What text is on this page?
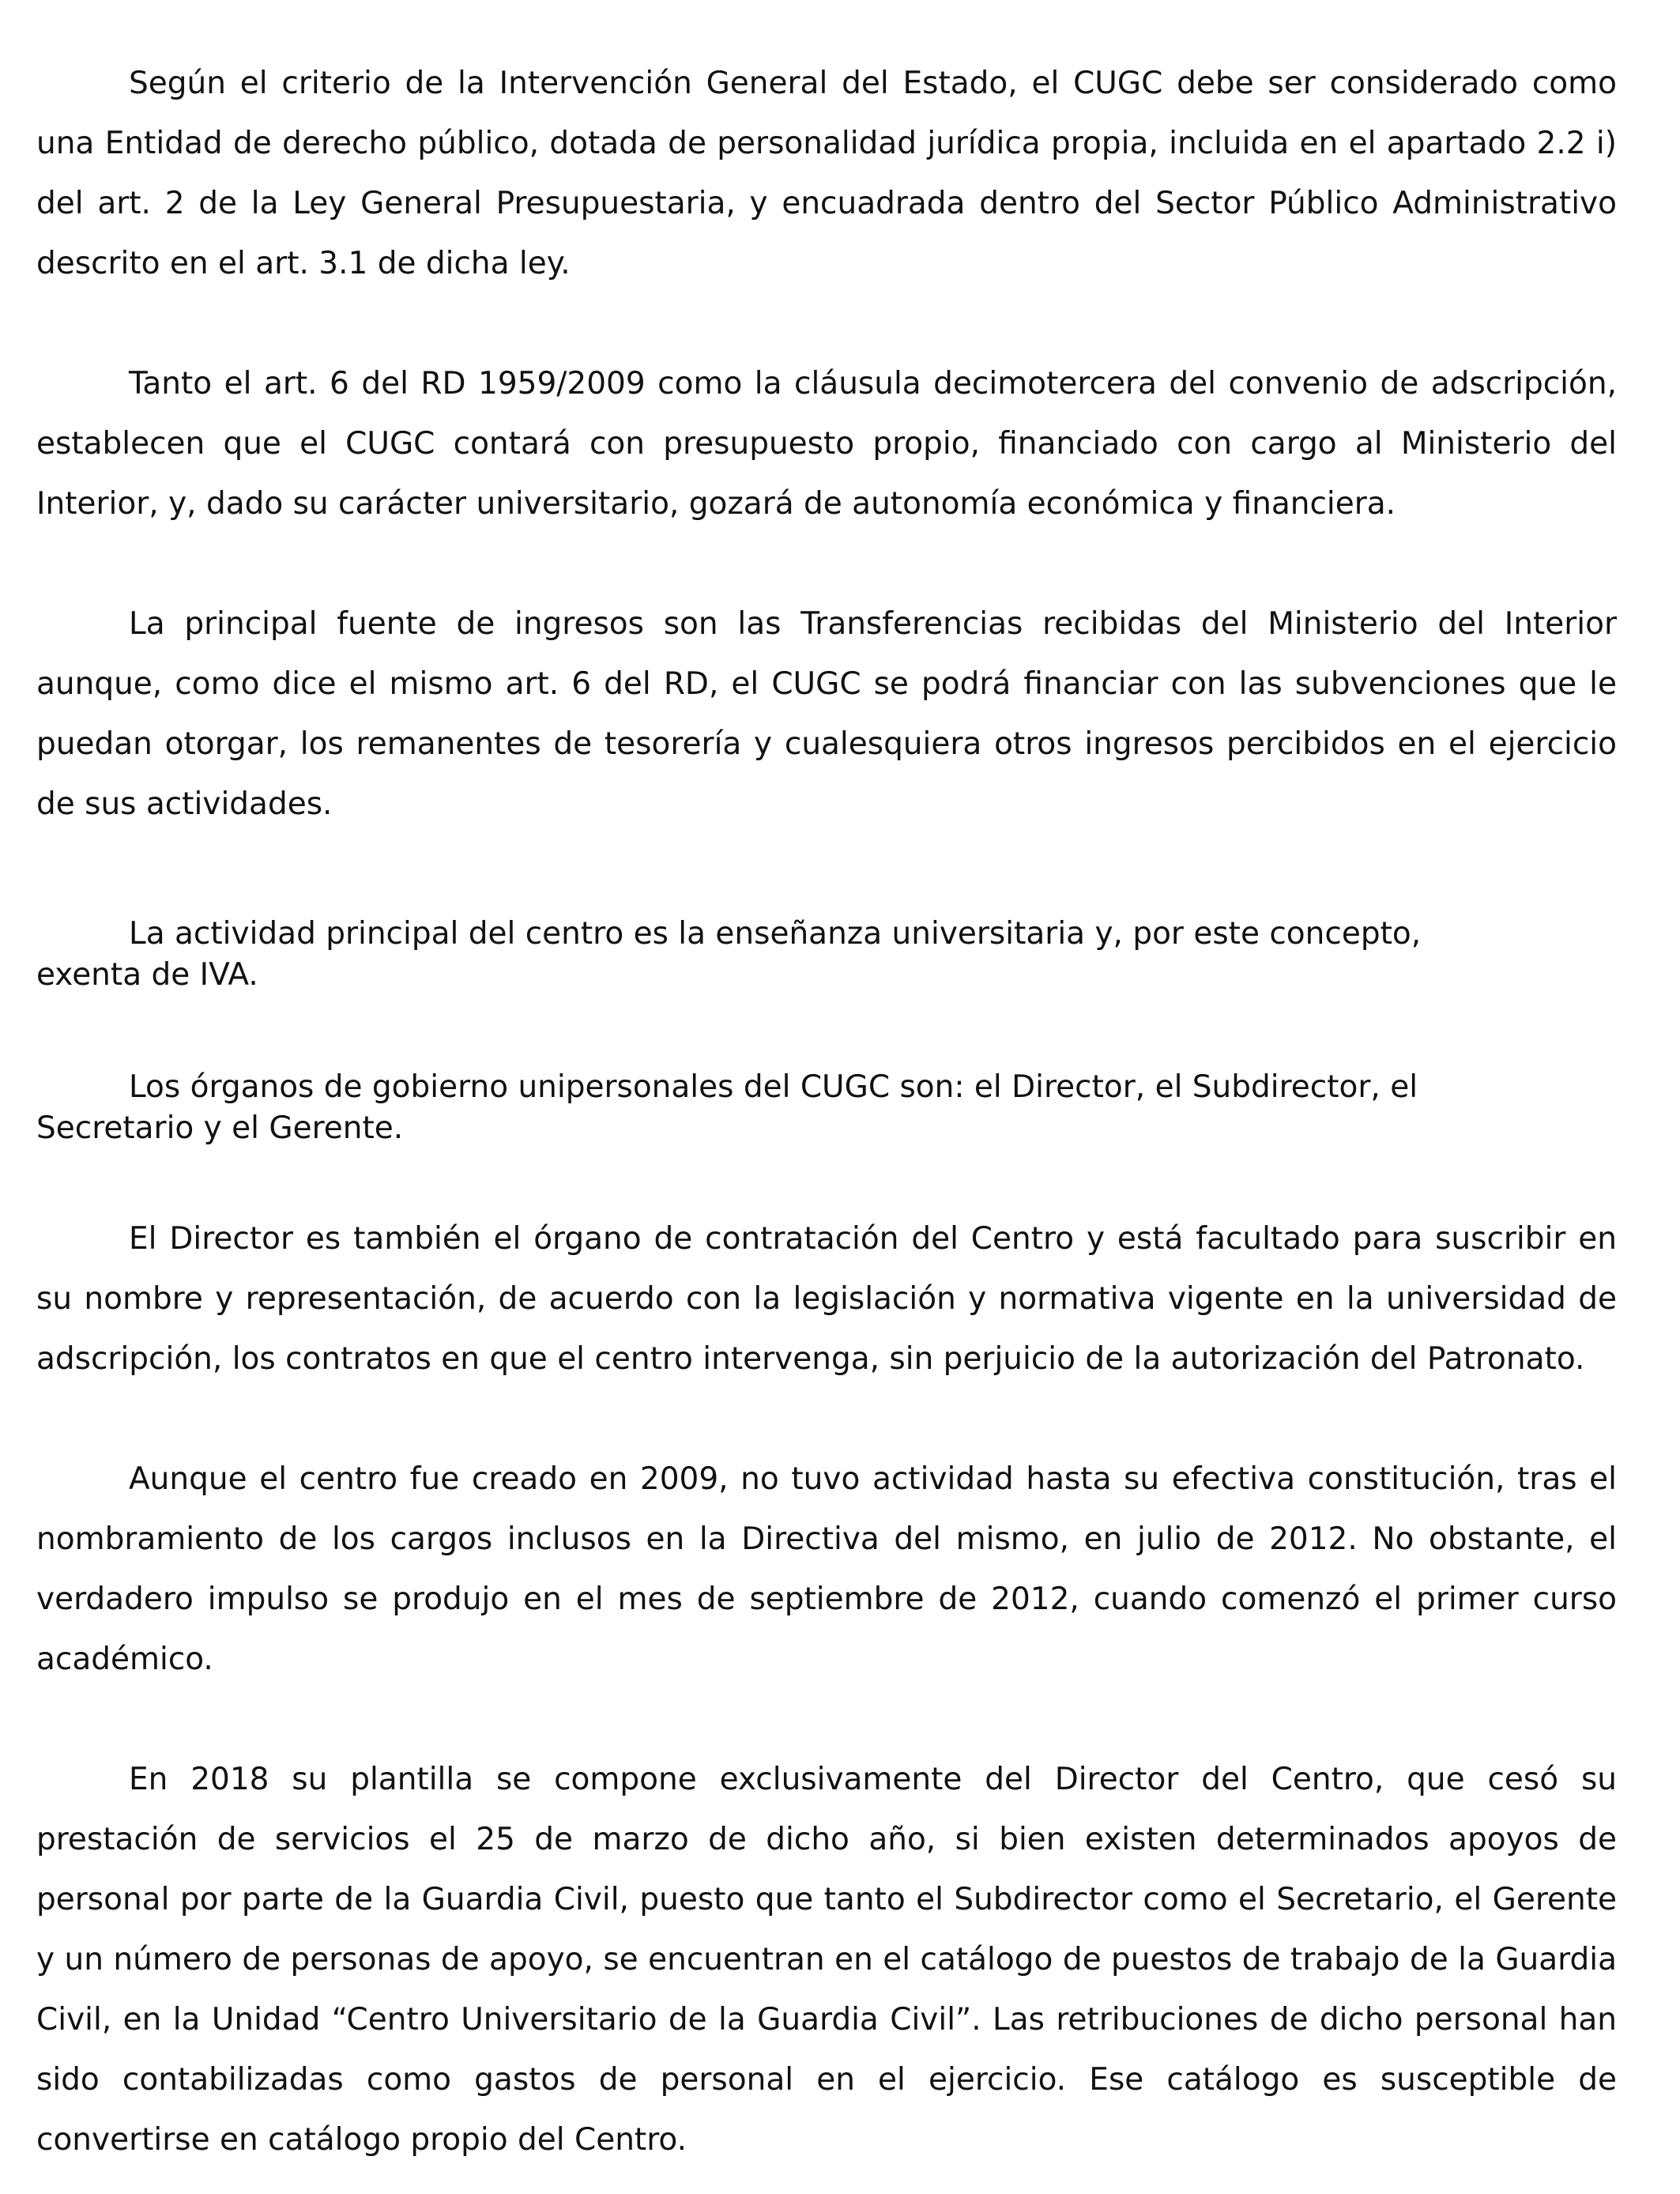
Según el criterio de la Intervención General del Estado, el CUGC debe ser considerado como una Entidad de derecho público, dotada de personalidad jurídica propia, incluida en el apartado 2.2 i) del art. 2 de la Ley General Presupuestaria, y encuadrada dentro del Sector Público Administrativo descrito en el art. 3.1 de dicha ley.

Tanto el art. 6 del RD 1959/2009 como la cláusula decimotercera del convenio de adscripción, establecen que el CUGC contará con presupuesto propio, financiado con cargo al Ministerio del Interior, y, dado su carácter universitario, gozará de autonomía económica y financiera.

La principal fuente de ingresos son las Transferencias recibidas del Ministerio del Interior aunque, como dice el mismo art. 6 del RD, el CUGC se podrá financiar con las subvenciones que le puedan otorgar, los remanentes de tesorería y cualesquiera otros ingresos percibidos en el ejercicio de sus actividades.

La actividad principal del centro es la enseñanza universitaria y, por este concepto, exenta de IVA.

Los órganos de gobierno unipersonales del CUGC son: el Director, el Subdirector, el Secretario y el Gerente.

El Director es también el órgano de contratación del Centro y está facultado para suscribir en su nombre y representación, de acuerdo con la legislación y normativa vigente en la universidad de adscripción, los contratos en que el centro intervenga, sin perjuicio de la autorización del Patronato.

Aunque el centro fue creado en 2009, no tuvo actividad hasta su efectiva constitución, tras el nombramiento de los cargos inclusos en la Directiva del mismo, en julio de 2012. No obstante, el verdadero impulso se produjo en el mes de septiembre de 2012, cuando comenzó el primer curso académico.

En 2018 su plantilla se compone exclusivamente del Director del Centro, que cesó su prestación de servicios el 25 de marzo de dicho año, si bien existen determinados apoyos de personal por parte de la Guardia Civil, puesto que tanto el Subdirector como el Secretario, el Gerente y un número de personas de apoyo, se encuentran en el catálogo de puestos de trabajo de la Guardia Civil, en la Unidad “Centro Universitario de la Guardia Civil”. Las retribuciones de dicho personal han sido contabilizadas como gastos de personal en el ejercicio. Ese catálogo es susceptible de convertirse en catálogo propio del Centro.
